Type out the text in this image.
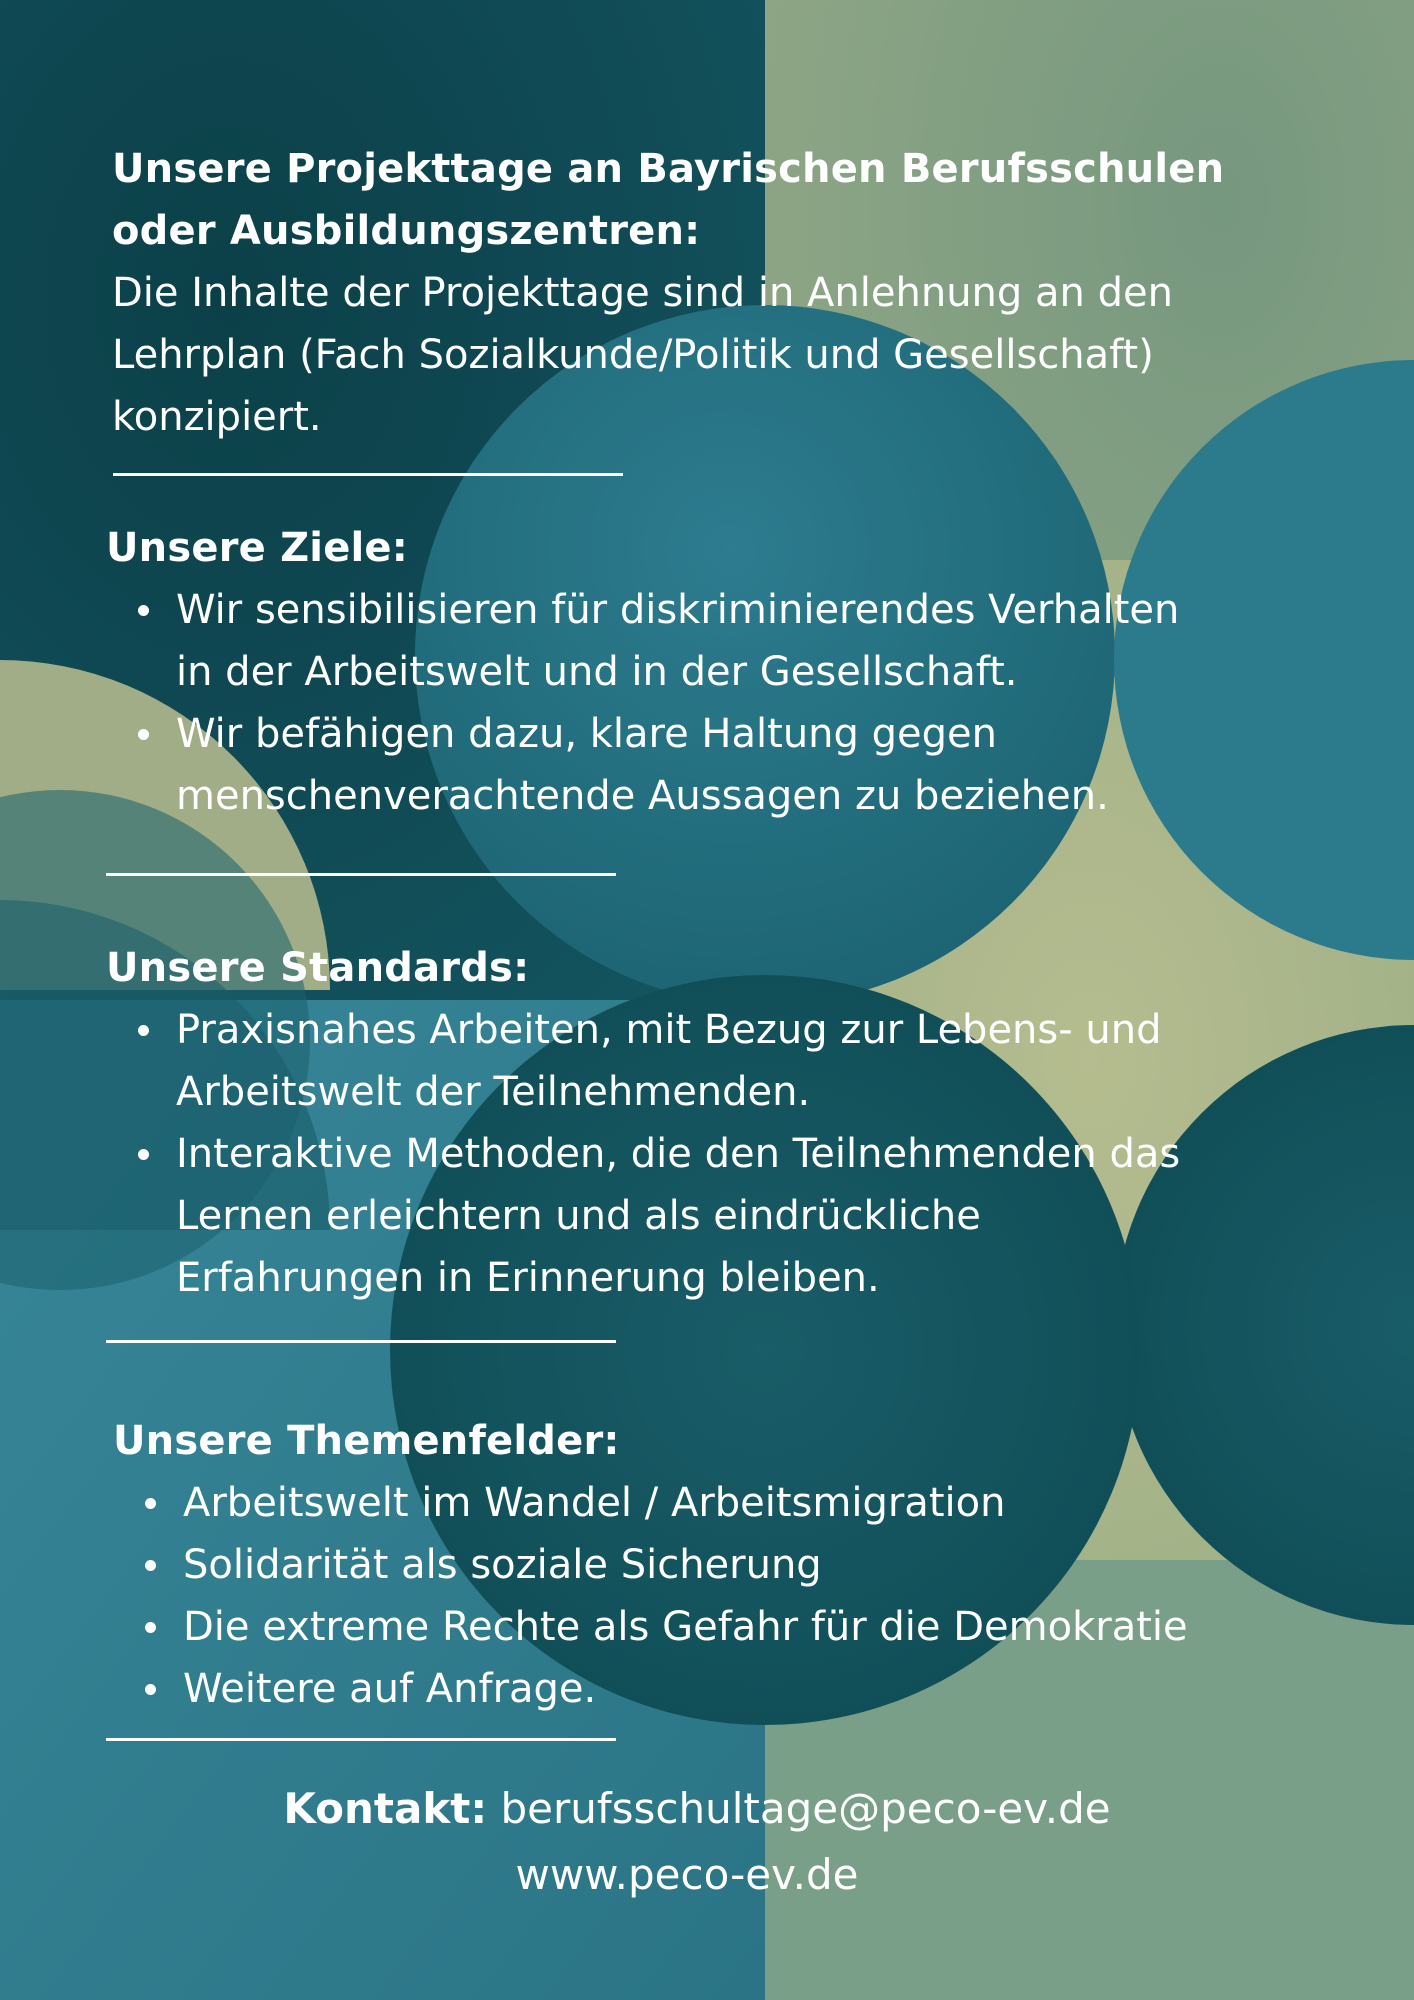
Unsere Projekttage an Bayrischen Berufsschulen

oder Ausbildungszentren:

Die Inhalte der Projekttage sind in Anlehnung an den

Lehrplan (Fach Sozialkunde/Politik und Gesellschaft)

konzipiert.

Unsere Ziele:

Wir sensibilisieren für diskriminierendes Verhalten
in der Arbeitswelt und in der Gesellschaft.
Wir befähigen dazu, klare Haltung gegen
menschenverachtende Aussagen zu beziehen.

Unsere Standards:

Praxisnahes Arbeiten, mit Bezug zur Lebens- und
Arbeitswelt der Teilnehmenden.
Interaktive Methoden, die den Teilnehmenden das
Lernen erleichtern und als eindrückliche
Erfahrungen in Erinnerung bleiben.

Unsere Themenfelder:

Arbeitswelt im Wandel / Arbeitsmigration
Solidarität als soziale Sicherung
Die extreme Rechte als Gefahr für die Demokratie
Weitere auf Anfrage.
Kontakt: berufsschultage@peco-ev.de
www.peco-ev.de
